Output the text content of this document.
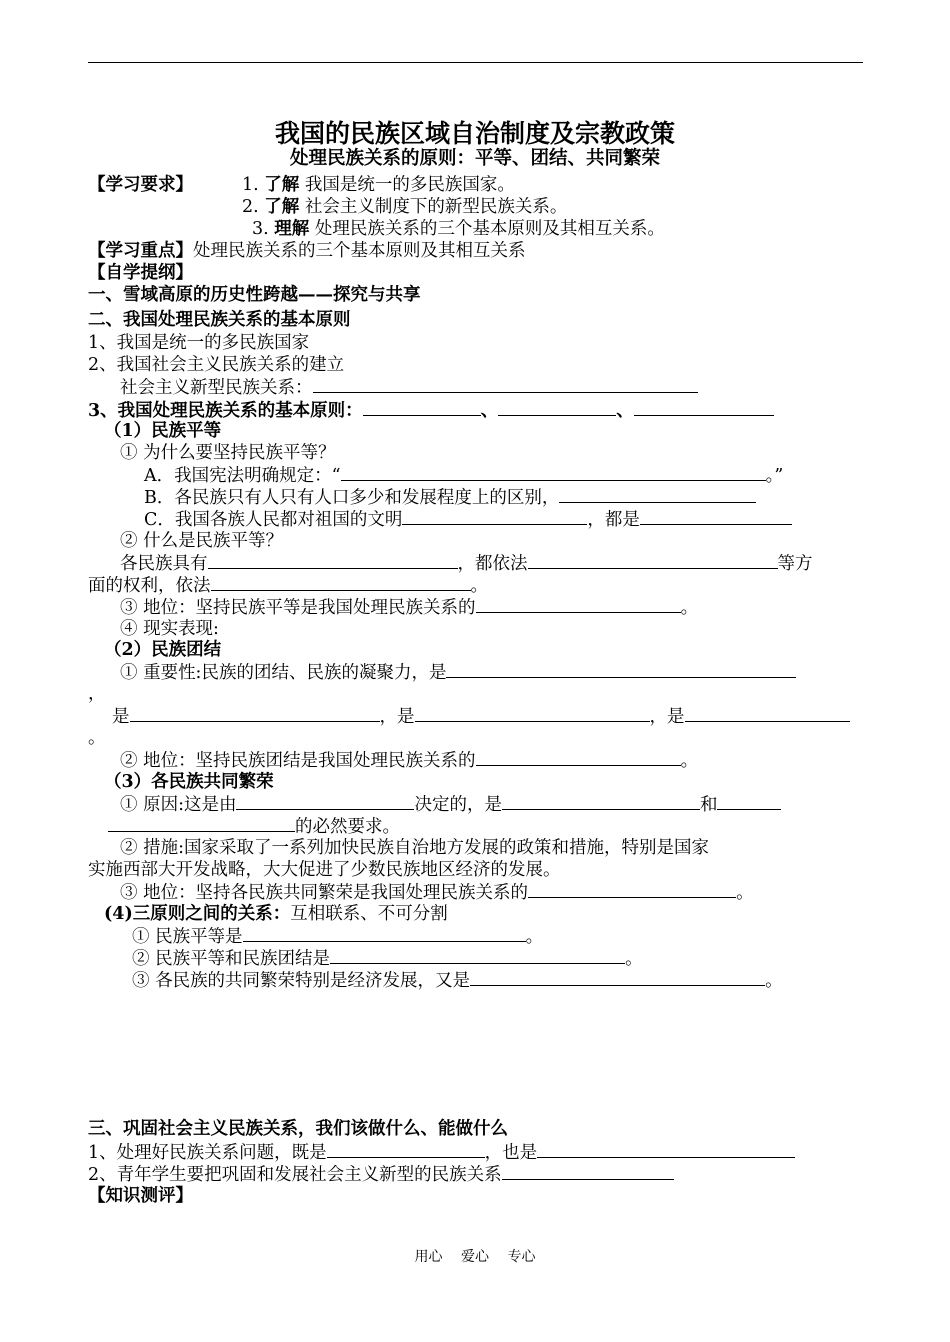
我国的民族区域自治制度及宗教政策
处理民族关系的原则：平等、团结、共同繁荣
【学习要求】	1. 了解 我国是统一的多民族国家。
2. 了解 社会主义制度下的新型民族关系。
3. 理解 处理民族关系的三个基本原则及其相互关系。
【学习重点】处理民族关系的三个基本原则及其相互关系
【自学提纲】
一、雪域高原的历史性跨越——探究与共享
二、我国处理民族关系的基本原则
1、我国是统一的多民族国家
2、我国社会主义民族关系的建立
社会主义新型民族关系：
3、我国处理民族关系的基本原则：	、	、
（1）民族平等
① 为什么要坚持民族平等？
A．我国宪法明确规定：“	。”
B．各民族只有人只有人口多少和发展程度上的区别，
C．我国各族人民都对祖国的文明	，都是
② 什么是民族平等？
各民族具有	，都依法	等方
面的权利，依法	。
③ 地位：坚持民族平等是我国处理民族关系的	。
④ 现实表现:
（2）民族团结
① 重要性:民族的团结、民族的凝聚力，是
，
是	，是	，是
。
② 地位：坚持民族团结是我国处理民族关系的	。
（3）各民族共同繁荣
① 原因:这是由	决定的，是	和
的必然要求。
② 措施:国家采取了一系列加快民族自治地方发展的政策和措施，特别是国家
实施西部大开发战略，大大促进了少数民族地区经济的发展。
③ 地位：坚持各民族共同繁荣是我国处理民族关系的	。
(4)三原则之间的关系：互相联系、不可分割
① 民族平等是	。
② 民族平等和民族团结是	。
③ 各民族的共同繁荣特别是经济发展，又是	。
三、巩固社会主义民族关系，我们该做什么、能做什么
1、处理好民族关系问题，既是	，也是
2、青年学生要把巩固和发展社会主义新型的民族关系
【知识测评】
用心 爱心 专心
